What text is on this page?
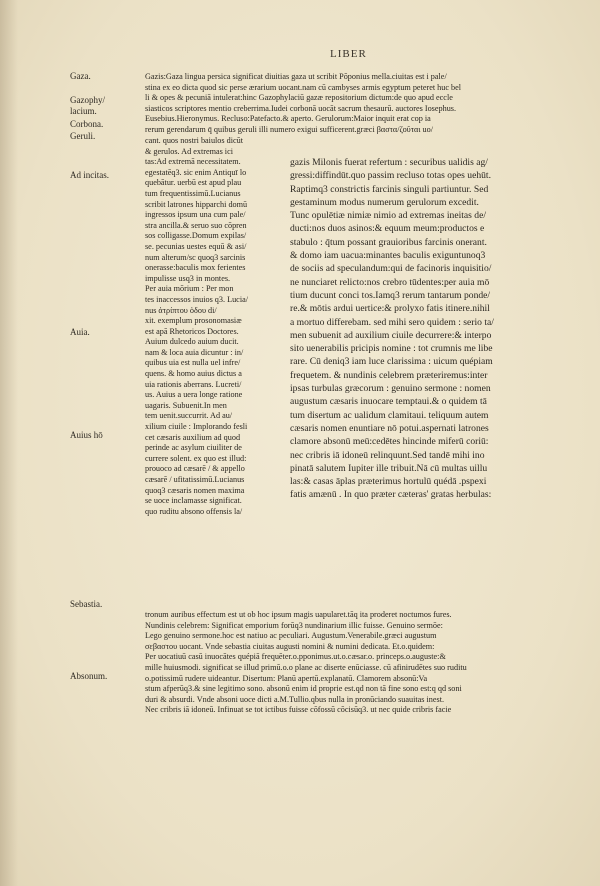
LIBER
Gaza.
Gazophy/
lacium.
Corbona.
Geruli.
Ad incitas.
Auia.
Auius hō
Sebastia.
Absonum.
Gazis:Gaza lingua persica significat diuitias gaza ut scribit Pōponius mella.ciuitas est i pale/
stina ex eo dicta quod sic perse ærarium uocant.nam cū cambyses armis egyptum peteret huc bel
li & opes & pecuniā intulerat:hinc Gazophylaciū gazæ repositorium dictum:de quo apud eccle
siasticos scriptores mentio creberrima.Iudei corbonā uocāt sacrum thesaurū. auctores Iosephus.
Eusebius.Hieronymus. Recluso:Patefacto.& aperto. Gerulorum:Maior inquit erat cop ia
rerum gerendarum q̄ quibus geruli illi numero exigui sufficerent.græci βαστα/ζοῦται uo/
cant. quos nostri baiulos dicūt
& gerulos. Ad extremas ici
tas:Ad extremā necessitatem.
egestatēq3. sic enim Antiquī lo
quebātur. uerbū est apud plau
tum frequentissimū.Lucianus
scribit latrones hipparchi domū
ingressos ipsum una cum pale/
stra ancilla.& seruo suo cōpren
sos colligasse.Domum expilas/
se. pecunias uestes equū & asi/
num alterum/sc quoq3 sarcinis
onerasse:baculis mox ferientes
impulisse usq3 in montes.
Per auia mōrium : Per mon
tes inaccessos inuios q3. Lucia/
nus ἀτρίπτου ὁδου di/
xit. exemplum prosonomasiæ
est apā Rhetoricos Doctores.
Auium dulcedo auium ducit.
nam & loca auia dicuntur : in/
quibus uia est nulla uel infre/
quens. & homo auius dictus a
uia rationis aberrans. Lucreti/
us. Auius a uera longe ratione
uagaris. Subuenit.In men
tem uenit.succurrit. Ad au/
xilium ciuile : Implorando fesli
cet cæsaris auxilium ad quod
perinde ac asylum ciuiliter de
currere solent. ex quo est illud:
prouoco ad cæsarē / & appello
cæsarē / ufitatissimū.Lucianus
quoq3 cæsaris nomen maxima
se uoce inclamasse significat.
quo ruditu absono offensis la/
gazis Milonis fuerat refertum : securibus ualidis ag/
gressi:diffindūt.quo passim recluso totas opes uehūt.
Raptimq3 constrictis farcinis singuli partiuntur. Sed
gestaminum modus numerum gerulorum excedit.
Tunc opulētiæ nimiæ nimio ad extremas ineitas de/
ducti:nos duos asinos:& equum meum:productos e
stabulo : q̄tum possant grauioribus farcinis onerant.
& domo iam uacua:minantes baculis exiguntunoq3
de sociis ad speculandum:qui de facinoris inquisitio/
ne nunciaret relicto:nos crebro tūdentes:per auia mō
tium ducunt conci tos.Iamq3 rerum tantarum ponde/
re.& mōtis ardui uertice:& prolyxo fatis itinere.nihil
a mortuo differebam. sed mihi sero quidem : serio ta/
men subuenit ad auxilium ciuile decurrere:& interpo
sito uenerabilis pricipis nomine : tot crumnis me libe
rare. Cū deniq3 iam luce clarissima : uicum quépiam
frequetem. & nundinis celebrem præteriremus:inter
ipsas turbulas græcorum : genuino sermone : nomen
augustum cæsaris inuocare temptaui.& o quidem tā
tum disertum ac ualidum clamitaui. teliquum autem
cæsaris nomen enuntiare nō potui.aspernati latrones
clamore absonū meū:cedētes hincinde miferū coriū:
nec cribris iā idoneū relinquunt.Sed tandē mihi ino
pinatā salutem Iupiter ille tribuit.Nā cū multas uillu
las:& casas āplas præterimus hortulū quédā .pspexi
fatis amænū . In quo præter cæteras' gratas herbulas:
tronum auribus effectum est ut ob hoc ipsum magis uapularet.tāq ita proderet noctumos fures.
Nundinis celebrem: Significat emporium forūq3 nundinarium illic fuisse. Genuino sermōe:
Lego genuino sermone.hoc est natiuo ac peculiari. Augustum.Venerabile.græci augustum
σεβαστου uocant. Vnde sebastia ciuitas augusti nomini & numini dedicata. Et.o.quidem:
Per uocatiuū casū inuocātes quépiā frequēter.o.pponimus.ut.o.cæsar.o. princeps.o.auguste:&
mille huiusmodi. significat se illud primū.o.o plane ac diserte enūciasse. cū afinirudētes suo ruditu
o.potissimū rudere uideantur. Disertum: Planū apertū.explanatū. Clamorem absonū:Va
stum afperūq3.& sine legitimo sono. absonū enim id proprie est.qd non tā fine sono est:q qd soni
duri & absurdi. Vnde absoni uoce dicti a.M.Tullio.qbus nulla in pronūciando suauitas inest.
Nec cribris iā idoneū. Infinuat se tot ictibus fuisse cōfossū cōcisūq3. ut nec quide cribris facie
